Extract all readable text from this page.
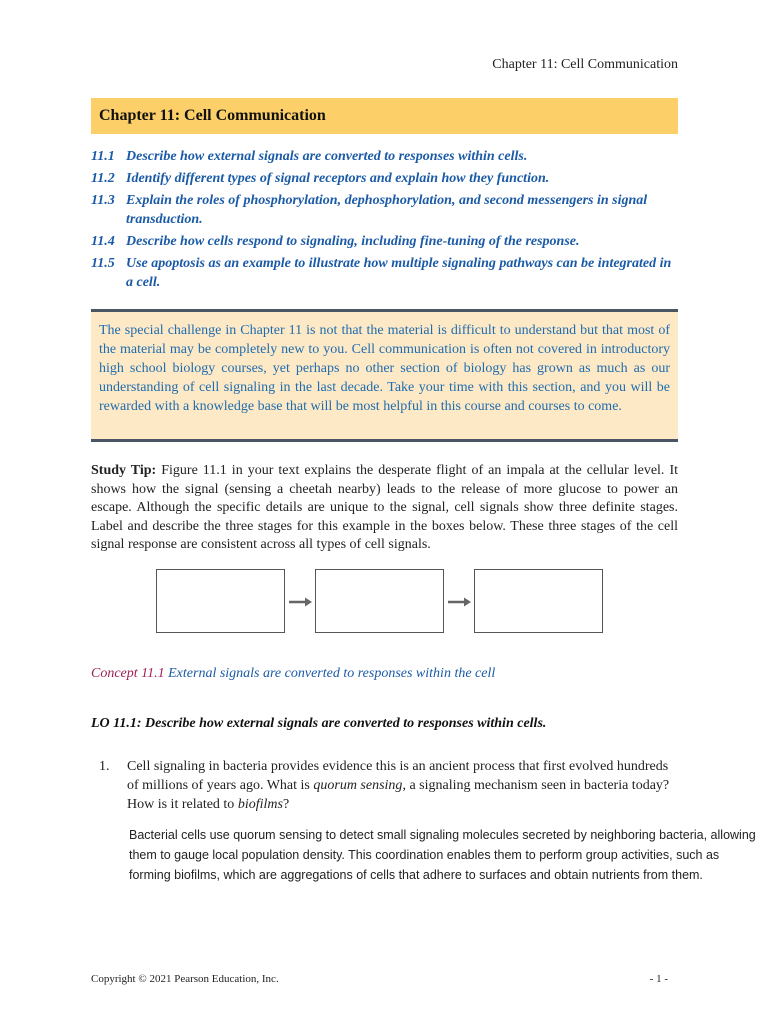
Chapter 11: Cell Communication
Chapter 11: Cell Communication
11.1 Describe how external signals are converted to responses within cells.
11.2 Identify different types of signal receptors and explain how they function.
11.3 Explain the roles of phosphorylation, dephosphorylation, and second messengers in signal transduction.
11.4 Describe how cells respond to signaling, including fine-tuning of the response.
11.5 Use apoptosis as an example to illustrate how multiple signaling pathways can be integrated in a cell.
The special challenge in Chapter 11 is not that the material is difficult to understand but that most of the material may be completely new to you. Cell communication is often not covered in introductory high school biology courses, yet perhaps no other section of biology has grown as much as our understanding of cell signaling in the last decade. Take your time with this section, and you will be rewarded with a knowledge base that will be most helpful in this course and courses to come.
Study Tip: Figure 11.1 in your text explains the desperate flight of an impala at the cellular level. It shows how the signal (sensing a cheetah nearby) leads to the release of more glucose to power an escape. Although the specific details are unique to the signal, cell signals show three definite stages. Label and describe the three stages for this example in the boxes below. These three stages of the cell signal response are consistent across all types of cell signals.
Concept 11.1 External signals are converted to responses within the cell
LO 11.1: Describe how external signals are converted to responses within cells.
1. Cell signaling in bacteria provides evidence this is an ancient process that first evolved hundreds of millions of years ago. What is quorum sensing, a signaling mechanism seen in bacteria today? How is it related to biofilms?
Bacterial cells use quorum sensing to detect small signaling molecules secreted by neighboring bacteria, allowing them to gauge local population density. This coordination enables them to perform group activities, such as forming biofilms, which are aggregations of cells that adhere to surfaces and obtain nutrients from them.
Copyright © 2021 Pearson Education, Inc.	- 1 -
